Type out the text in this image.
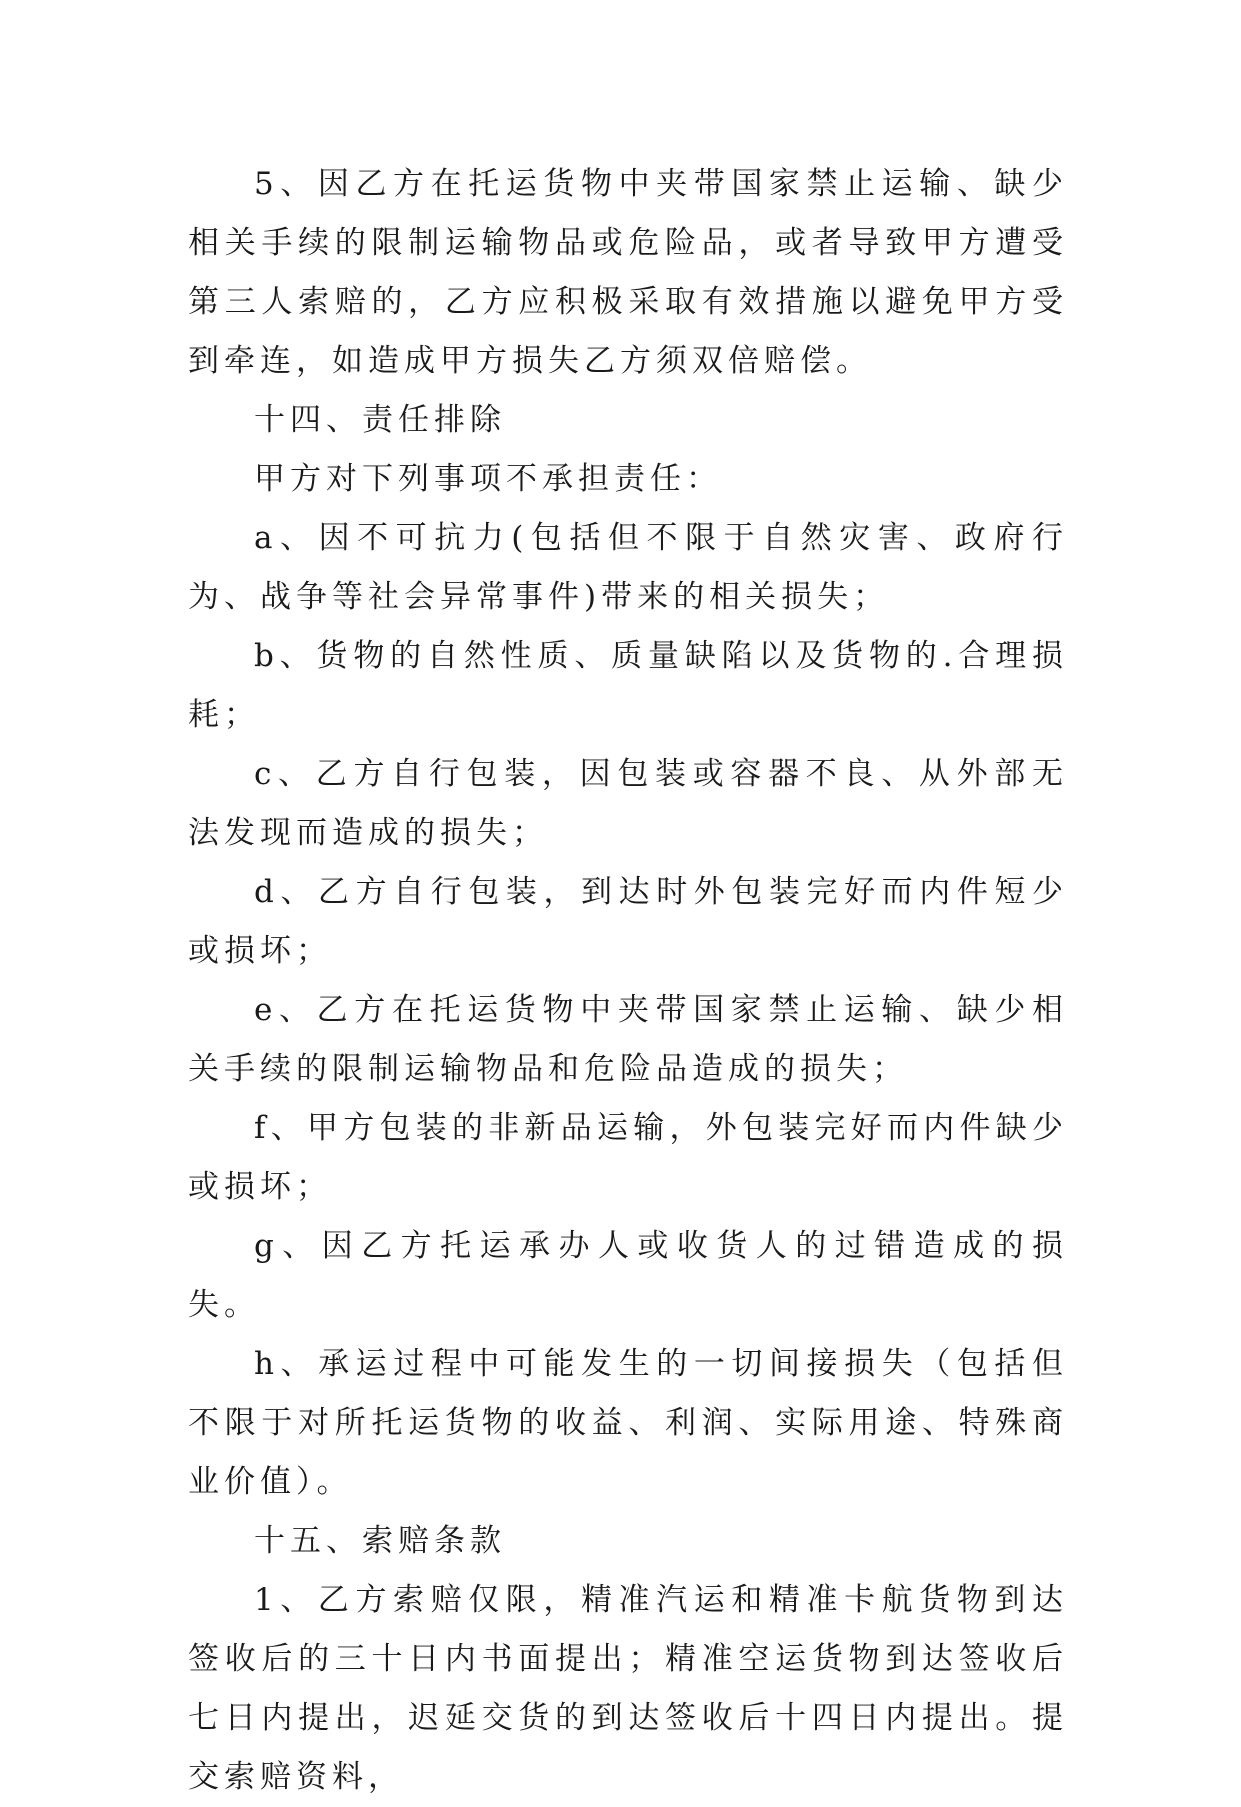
5、因乙方在托运货物中夹带国家禁止运输、缺少相关手续的限制运输物品或危险品，或者导致甲方遭受第三人索赔的，乙方应积极采取有效措施以避免甲方受到牵连，如造成甲方损失乙方须双倍赔偿。

十四、责任排除

甲方对下列事项不承担责任：

a、因不可抗力(包括但不限于自然灾害、政府行为、战争等社会异常事件)带来的相关损失；

b、货物的自然性质、质量缺陷以及货物的.合理损耗；

c、乙方自行包装，因包装或容器不良、从外部无法发现而造成的损失；

d、乙方自行包装，到达时外包装完好而内件短少或损坏；

e、乙方在托运货物中夹带国家禁止运输、缺少相关手续的限制运输物品和危险品造成的损失；

f、甲方包装的非新品运输，外包装完好而内件缺少或损坏；

g、因乙方托运承办人或收货人的过错造成的损失。

h、承运过程中可能发生的一切间接损失（包括但不限于对所托运货物的收益、利润、实际用途、特殊商业价值）。

十五、索赔条款

1、乙方索赔仅限，精准汽运和精准卡航货物到达签收后的三十日内书面提出；精准空运货物到达签收后七日内提出，迟延交货的到达签收后十四日内提出。提交索赔资料，
